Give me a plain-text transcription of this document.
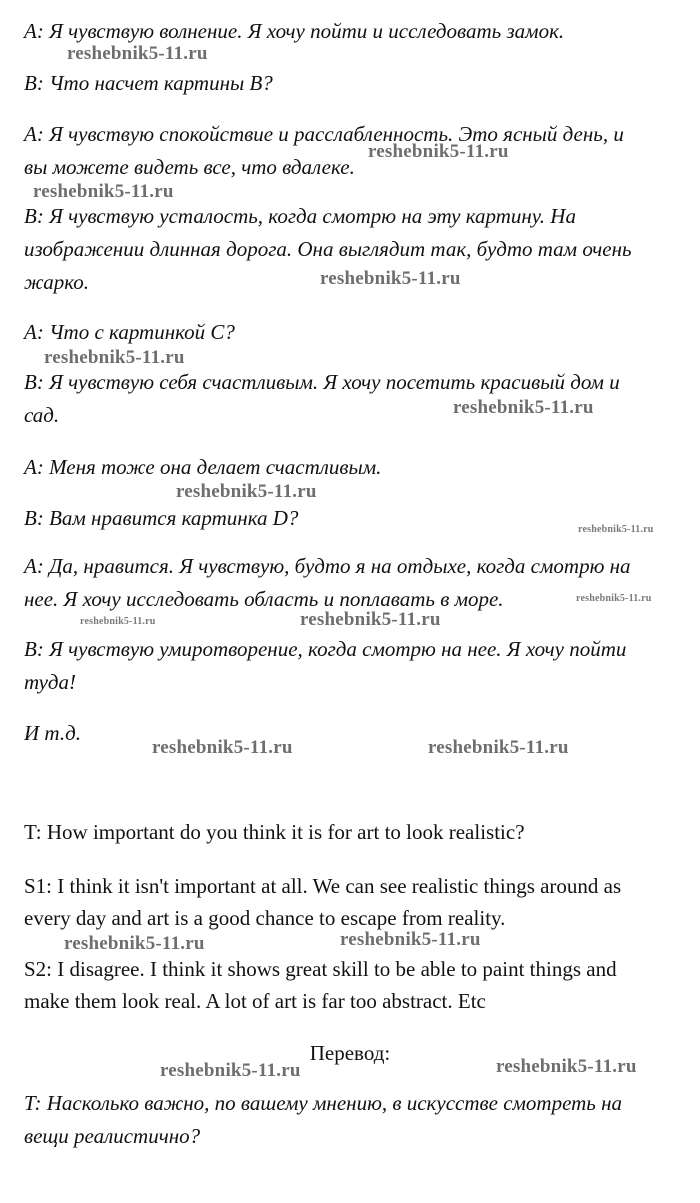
A: Я чувствую волнение. Я хочу пойти и исследовать замок.
B: Что насчет картины B?
A: Я чувствую спокойствие и расслабленность. Это ясный день, и
вы можете видеть все, что вдалеке.
B: Я чувствую усталость, когда смотрю на эту картину. На
изображении длинная дорога. Она выглядит так, будто там очень
жарко.
A: Что с картинкой C?
B: Я чувствую себя счастливым. Я хочу посетить красивый дом и
сад.
A: Меня тоже она делает счастливым.
B: Вам нравится картинка D?
A: Да, нравится. Я чувствую, будто я на отдыхе, когда смотрю на
нее. Я хочу исследовать область и поплавать в море.
B: Я чувствую умиротворение, когда смотрю на нее. Я хочу пойти
туда!
И т.д.
T: How important do you think it is for art to look realistic?
S1: I think it isn't important at all. We can see realistic things around as
every day and art is a good chance to escape from reality.
S2: I disagree. I think it shows great skill to be able to paint things and
make them look real. A lot of art is far too abstract. Etc
Перевод:
T: Насколько важно, по вашему мнению, в искусстве смотреть на
вещи реалистично?
reshebnik5-11.ru
reshebnik5-11.ru
reshebnik5-11.ru
reshebnik5-11.ru
reshebnik5-11.ru
reshebnik5-11.ru
reshebnik5-11.ru
reshebnik5-11.ru
reshebnik5-11.ru
reshebnik5-11.ru	reshebnik5-11.ru
reshebnik5-11.ru	reshebnik5-11.ru
reshebnik5-11.ru	reshebnik5-11.ru
reshebnik5-11.ru	reshebnik5-11.ru
